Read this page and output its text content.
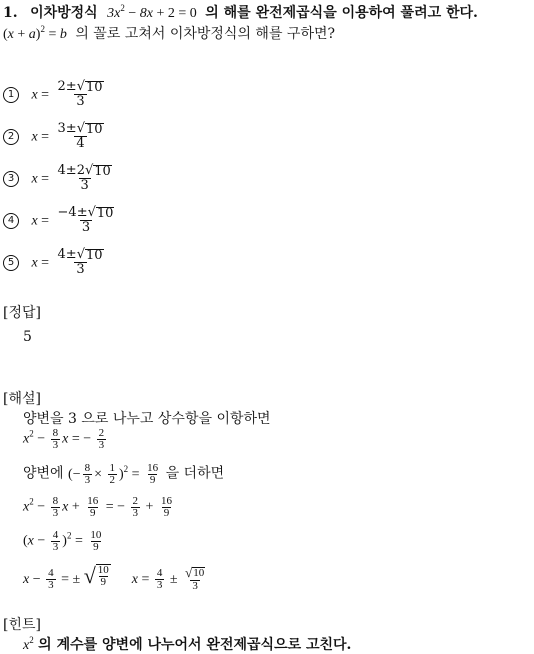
1. 이차방정식 $3x^2 - 8x + 2 = 0$ 의 해를 완전제곱식을 이용하여 풀려고 한다.
$(x + a)^2 = b$ 의 꼴로 고쳐서 이차방정식의 해를 구하면?
1 $x = \frac{2\pm √ 10}{3}$
2 $x = \frac{3\pm √ 10}{4}$
3 $x = \frac{4\pm 2 √ 10}{3}$
4 $x = \frac{-4\pm √ 10}{3}$
5 $x = \frac{4\pm √ 10}{3}$
[정답]
5
[해설]
양변을 3 으로 나누고 상수항을 이항하면
$x^2 - \frac{8}{3}$ x = − $\frac{2}{3}$
양변에 (− $\frac{8}{3} \times \frac{1}{2} )^2 = \frac{16}{9}$ 을 더하면
$x^2 - \frac{8}{3}$ $x + \frac{16}{9}$ = − $\frac{2}{3} + \frac{16}{9}$
$(x - \frac{4}{3} )^2 = \frac{10}{9}$
$x - \frac{4}{3}$ = ± √ $\frac{10}{9}$ $x = \frac{4}{3} \pm \frac{√ 10}{3}$
[힌트]
$x^2$ 의 계수를 양변에 나누어서 완전제곱식으로 고친다.
